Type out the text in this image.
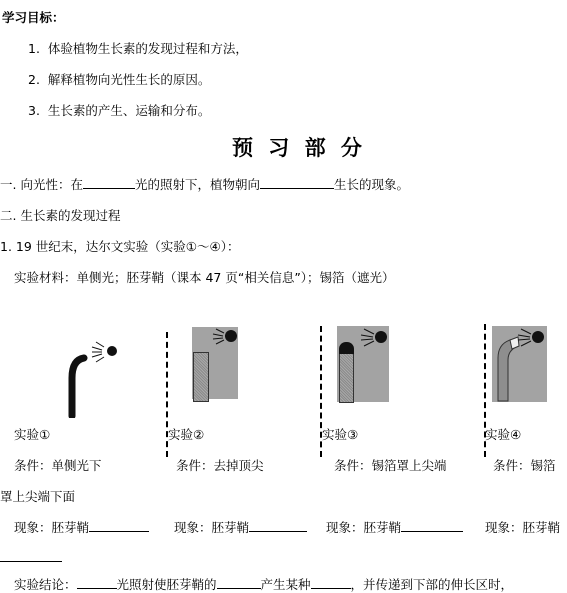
学习目标：
1. 体验植物生长素的发现过程和方法，
2. 解释植物向光性生长的原因。
3. 生长素的产生、运输和分布。
预 习 部 分
一. 向光性：在	光的照射下，植物朝向	生长的现象。
二. 生长素的发现过程
1. 19 世纪末，达尔文实验（实验①～④）：
实验材料：单侧光；胚芽鞘（课本 47 页“相关信息”）；锡箔（遮光）
实验①	实验②	实验③	实验④
条件：单侧光下	条件：去掉顶尖	条件：锡箔罩上尖端	条件：锡箔
罩上尖端下面
现象：胚芽鞘	现象：胚芽鞘	现象：胚芽鞘	现象：胚芽鞘
实验结论：	光照射使胚芽鞘的	产生某种	，并传递到下部的伸长区时，
